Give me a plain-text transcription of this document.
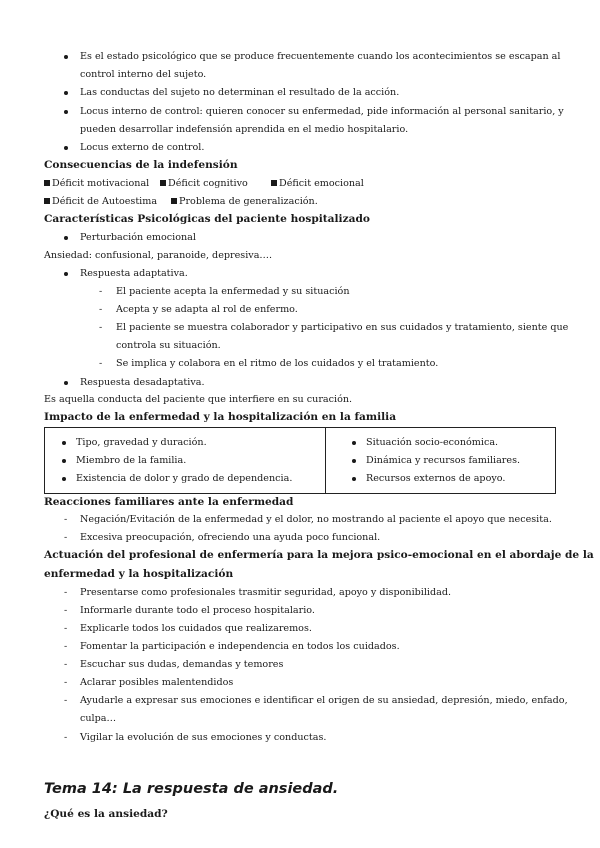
Es el estado psicológico que se produce frecuentemente cuando los acontecimientos se escapan al
control interno del sujeto.
Las conductas del sujeto no determinan el resultado de la acción.
Locus interno de control: quieren conocer su enfermedad, pide información al personal sanitario, y
pueden desarrollar indefensión aprendida en el medio hospitalario.
Locus externo de control.
Consecuencias de la indefensión
Déficit motivacional	Déficit cognitivo	Déficit emocional
Déficit de Autoestima	Problema de generalización.
Características Psicológicas del paciente hospitalizado
Perturbación emocional
Ansiedad: confusional, paranoide, depresiva….
Respuesta adaptativa.
- El paciente acepta la enfermedad y su situación
- Acepta y se adapta al rol de enfermo.
- El paciente se muestra colaborador y participativo en sus cuidados y tratamiento, siente que
controla su situación.
- Se implica y colabora en el ritmo de los cuidados y el tratamiento.
Respuesta desadaptativa.
Es aquella conducta del paciente que interfiere en su curación.
Impacto de la enfermedad y la hospitalización en la familia
Tipo, gravedad y duración.
Miembro de la familia.
Existencia de dolor y grado de dependencia.
Situación socio-económica.
Dinámica y recursos familiares.
Recursos externos de apoyo.
Reacciones familiares ante la enfermedad
- Negación/Evitación de la enfermedad y el dolor, no mostrando al paciente el apoyo que necesita.
- Excesiva preocupación, ofreciendo una ayuda poco funcional.
Actuación del profesional de enfermería para la mejora psico-emocional en el abordaje de la
enfermedad y la hospitalización
- Presentarse como profesionales trasmitir seguridad, apoyo y disponibilidad.
- Informarle durante todo el proceso hospitalario.
- Explicarle todos los cuidados que realizaremos.
- Fomentar la participación e independencia en todos los cuidados.
- Escuchar sus dudas, demandas y temores
- Aclarar posibles malentendidos
- Ayudarle a expresar sus emociones e identificar el origen de su ansiedad, depresión, miedo, enfado,
culpa…
- Vigilar la evolución de sus emociones y conductas.
Tema 14: La respuesta de ansiedad.
¿Qué es la ansiedad?
